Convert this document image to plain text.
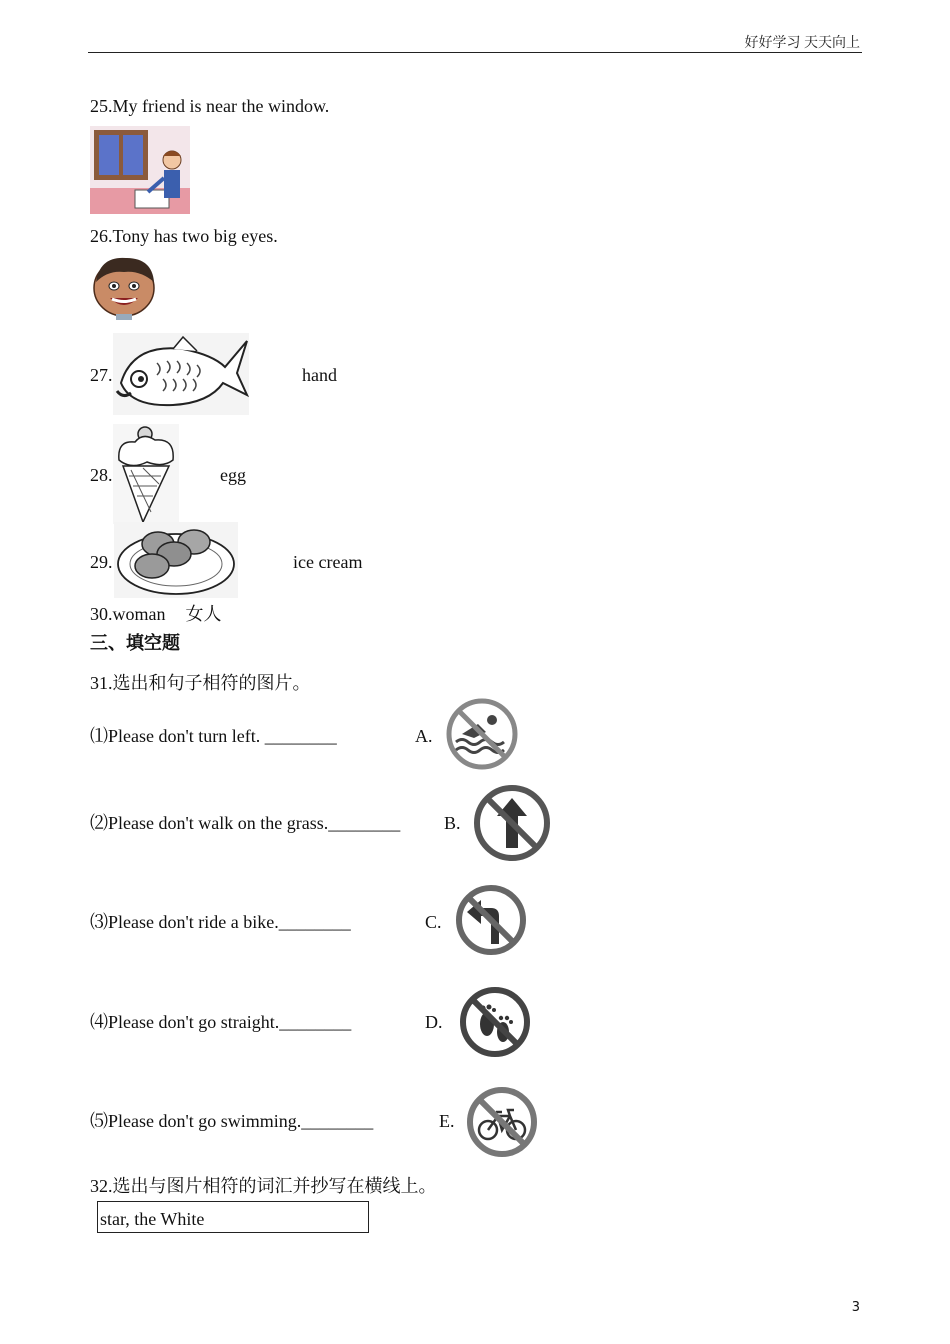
好好学习 天天向上
25.My friend is near the window.
26.Tony has two big eyes.
27.	hand
28.	egg
29.	ice cream
30.woman 女人
三、填空题
31.选出和句子相符的图片。
⑴Please don't turn left. ________	A.
⑵Please don't walk on the grass.________ B.
⑶Please don't ride a bike.________	C.
⑷Please don't go straight.________	D.
⑸Please don't go swimming.________	E.
32.选出与图片相符的词汇并抄写在横线上。
star, the White
3
